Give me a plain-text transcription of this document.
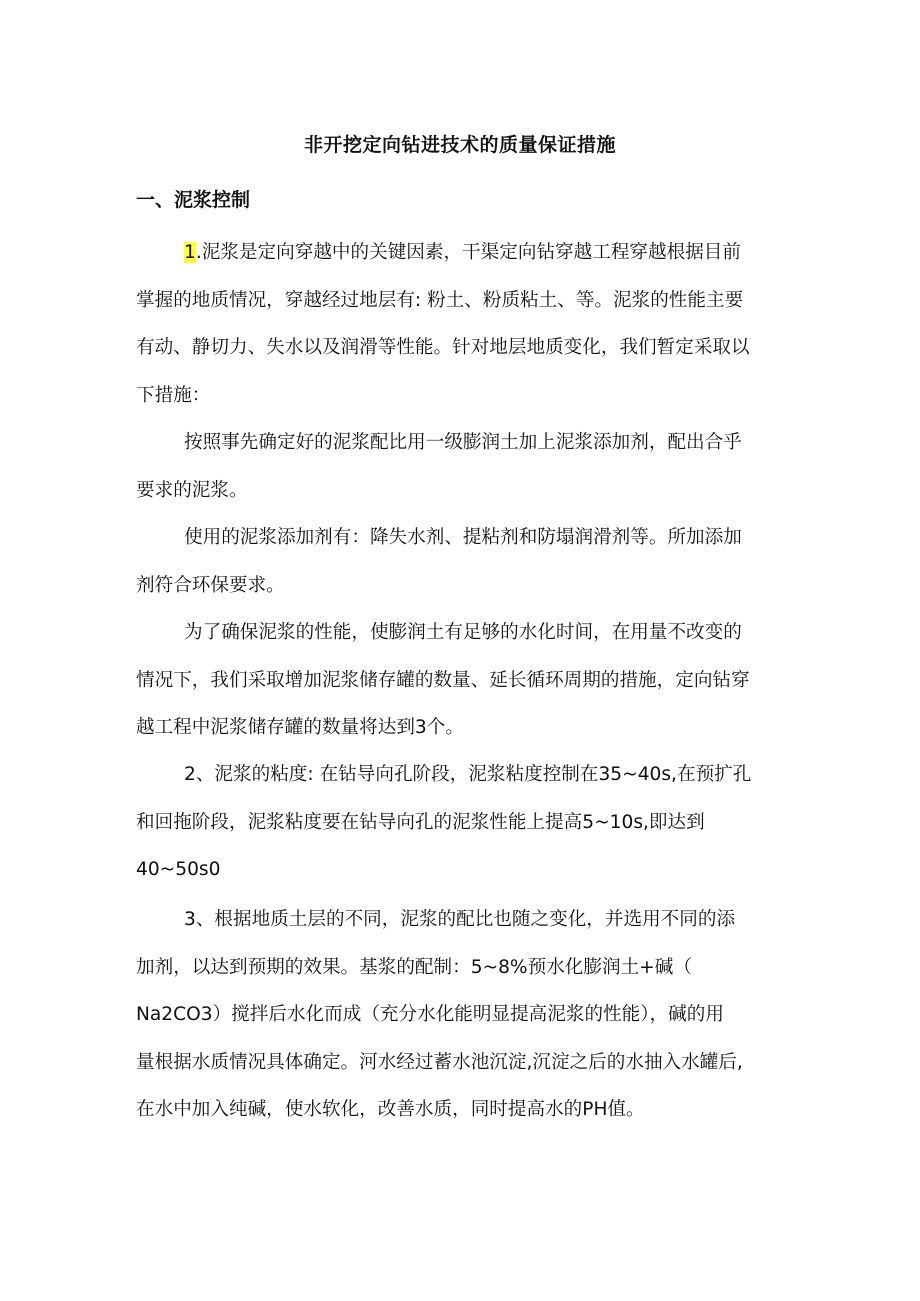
非开挖定向钻进技术的质量保证措施
一、泥浆控制
1.泥浆是定向穿越中的关键因素，干渠定向钻穿越工程穿越根据目前
掌握的地质情况，穿越经过地层有: 粉土、粉质粘土、等。泥浆的性能主要
有动、静切力、失水以及润滑等性能。针对地层地质变化，我们暂定采取以
下措施：
按照事先确定好的泥浆配比用一级膨润土加上泥浆添加剂，配出合乎
要求的泥浆。
使用的泥浆添加剂有：降失水剂、提粘剂和防塌润滑剂等。所加添加
剂符合环保要求。
为了确保泥浆的性能，使膨润土有足够的水化时间，在用量不改变的
情况下，我们采取增加泥浆储存罐的数量、延长循环周期的措施，定向钻穿
越工程中泥浆储存罐的数量将达到3个。
2、泥浆的粘度: 在钻导向孔阶段，泥浆粘度控制在35~40s,在预扩孔
和回拖阶段，泥浆粘度要在钻导向孔的泥浆性能上提高5~10s,即达到
40~50s0
3、根据地质土层的不同，泥浆的配比也随之变化，并选用不同的添
加剂，以达到预期的效果。基浆的配制：5~8%预水化膨润土+碱（
Na2CO3）搅拌后水化而成（充分水化能明显提高泥浆的性能），碱的用
量根据水质情况具体确定。河水经过蓄水池沉淀,沉淀之后的水抽入水罐后,
在水中加入纯碱，使水软化，改善水质，同时提高水的PH值。
